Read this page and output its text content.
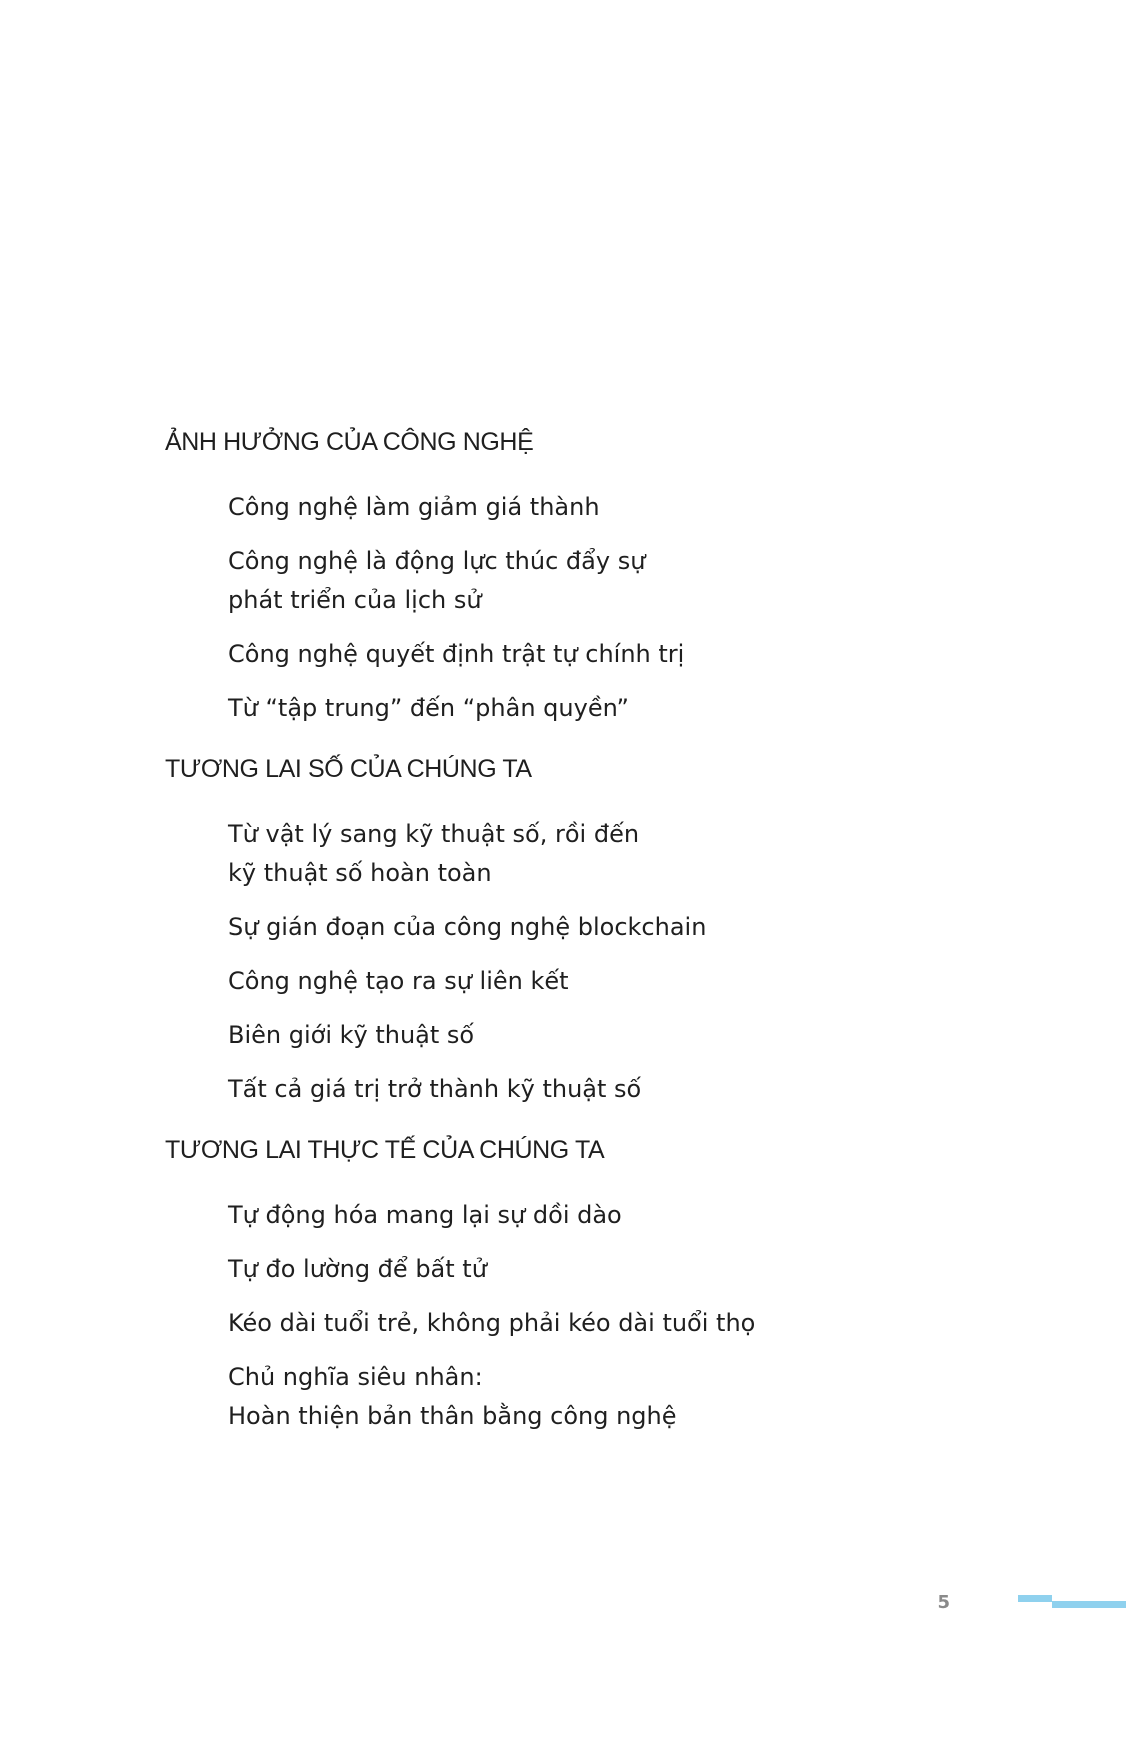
ẢNH HƯỞNG CỦA CÔNG NGHỆ
Công nghệ làm giảm giá thành

Công nghệ là động lực thúc đẩy sự
phát triển của lịch sử
Công nghệ quyết định trật tự chính trị

Từ “tập trung” đến “phân quyền”

TƯƠNG LAI SỐ CỦA CHÚNG TA
Từ vật lý sang kỹ thuật số, rồi đến
kỹ thuật số hoàn toàn
Sự gián đoạn của công nghệ blockchain

Công nghệ tạo ra sự liên kết

Biên giới kỹ thuật số

Tất cả giá trị trở thành kỹ thuật số

TƯƠNG LAI THỰC TẾ CỦA CHÚNG TA
Tự động hóa mang lại sự dồi dào

Tự đo lường để bất tử

Kéo dài tuổi trẻ, không phải kéo dài tuổi thọ

Chủ nghĩa siêu nhân:
Hoàn thiện bản thân bằng công nghệ
5
